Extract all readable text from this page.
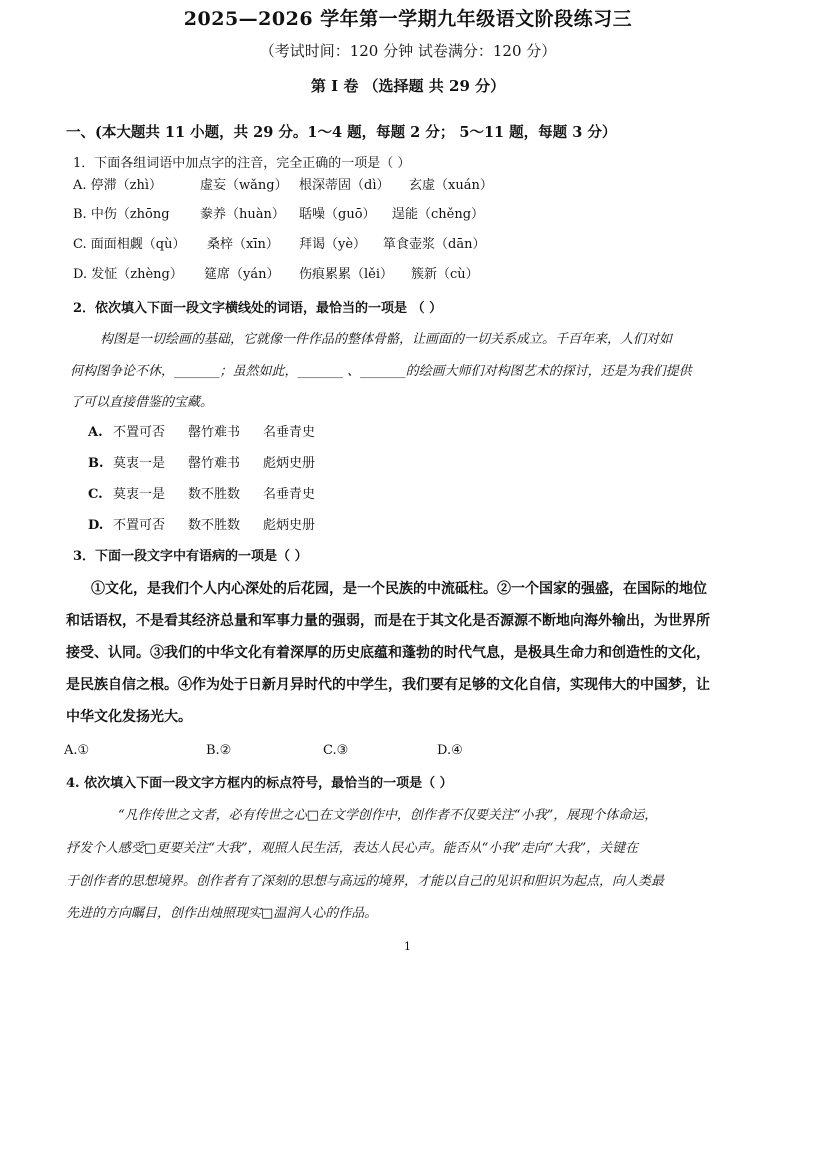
2025—2026 学年第一学期九年级语文阶段练习三
（考试时间：120 分钟 试卷满分：120 分）
第 I 卷 （选择题 共 29 分）
一、(本大题共 11 小题，共 29 分。1～4 题，每题 2 分； 5～11 题，每题 3 分）
1．下面各组词语中加点字的注音，完全正确的一项是（ ）
A. 停滞（zhì）	虚妄（wǎng） 根深蒂固（dì） 玄虚（xuán）
B. 中伤（zhōng 豢养（huàn） 聒噪（guō） 逞能（chěng）
C. 面面相觑（qù） 桑梓（xīn） 拜谒（yè） 箪食壶浆（dān）
D. 发怔（zhèng） 筵席（yán） 伤痕累累（lěi） 簇新（cù）
2．依次填入下面一段文字横线处的词语，最恰当的一项是 （ ）
构图是一切绘画的基础，它就像一件作品的整体骨骼，让画面的一切关系成立。千百年来，人们对如
何构图争论不休，_______；虽然如此，_______ 、_______的绘画大师们对构图艺术的探讨，还是为我们提供
了可以直接借鉴的宝藏。
A. 不置可否 罄竹难书 名垂青史
B. 莫衷一是 罄竹难书 彪炳史册
C. 莫衷一是 数不胜数 名垂青史
D. 不置可否 数不胜数 彪炳史册
3．下面一段文字中有语病的一项是（ ）
①文化，是我们个人内心深处的后花园，是一个民族的中流砥柱。②一个国家的强盛，在国际的地位
和话语权，不是看其经济总量和军事力量的强弱，而是在于其文化是否源源不断地向海外输出，为世界所
接受、认同。③我们的中华文化有着深厚的历史底蕴和蓬勃的时代气息，是极具生命力和创造性的文化，
是民族自信之根。④作为处于日新月异时代的中学生，我们要有足够的文化自信，实现伟大的中国梦，让
中华文化发扬光大。
A.①	B.②	C.③	D.④
4. 依次填入下面一段文字方框内的标点符号，最恰当的一项是（ ）
“凡作传世之文者，必有传世之心□在文学创作中，创作者不仅要关注“小我”，展现个体命运，
抒发个人感受□更要关注“大我”，观照人民生活，表达人民心声。能否从“小我”走向“大我”，关键在
于创作者的思想境界。创作者有了深刻的思想与高远的境界，才能以自己的见识和胆识为起点，向人类最
先进的方向瞩目，创作出烛照现实□温润人心的作品。
1
